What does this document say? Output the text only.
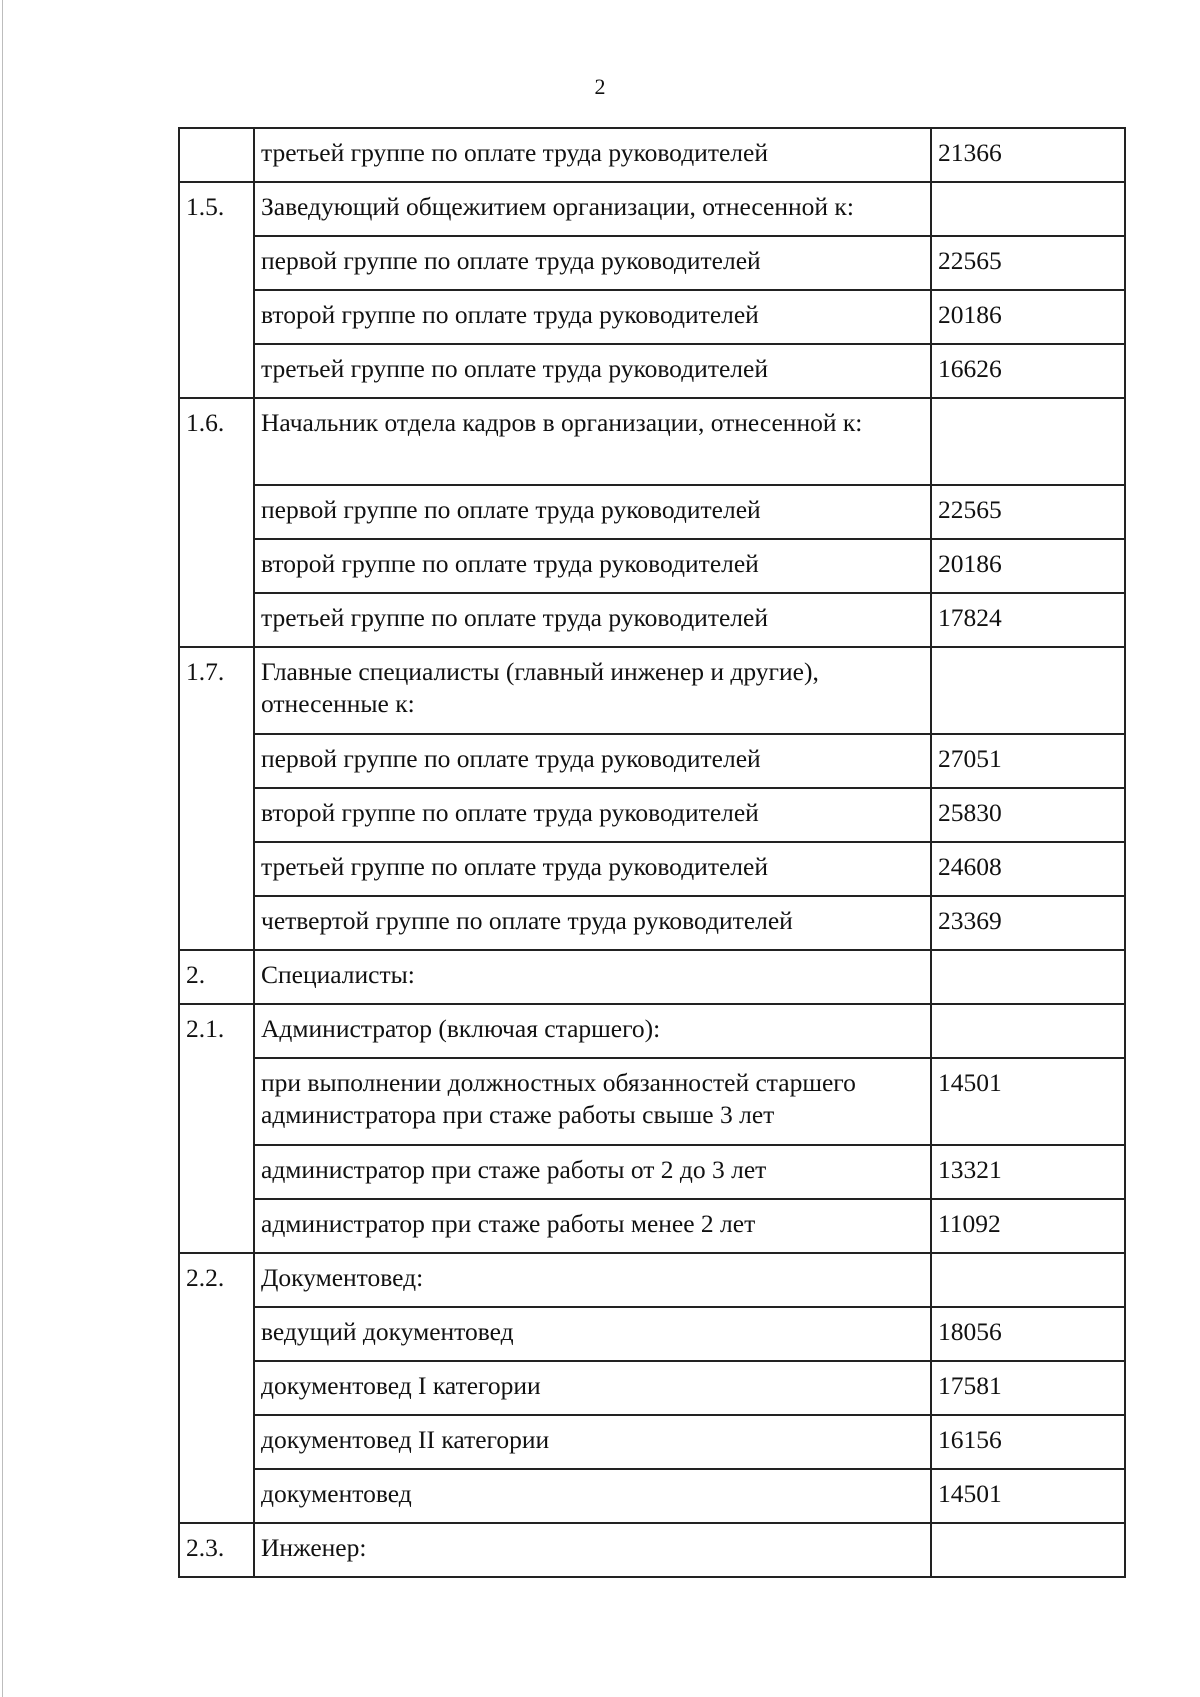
2
	третьей группе по оплате труда руководителей	21366
1.5.	Заведующий общежитием организации, отнесенной к:	
	первой группе по оплате труда руководителей	22565
	второй группе по оплате труда руководителей	20186
	третьей группе по оплате труда руководителей	16626
1.6.	Начальник отдела кадров в организации, отнесенной к:	
	первой группе по оплате труда руководителей	22565
	второй группе по оплате труда руководителей	20186
	третьей группе по оплате труда руководителей	17824
1.7.	Главные специалисты (главный инженер и другие), отнесенные к:	
	первой группе по оплате труда руководителей	27051
	второй группе по оплате труда руководителей	25830
	третьей группе по оплате труда руководителей	24608
	четвертой группе по оплате труда руководителей	23369
2.	Специалисты:	
2.1.	Администратор (включая старшего):	
	при выполнении должностных обязанностей старшего администратора при стаже работы свыше 3 лет	14501
	администратор при стаже работы от 2 до 3 лет	13321
	администратор при стаже работы менее 2 лет	11092
2.2.	Документовед:	
	ведущий документовед	18056
	документовед I категории	17581
	документовед II категории	16156
	документовед	14501
2.3.	Инженер:	
